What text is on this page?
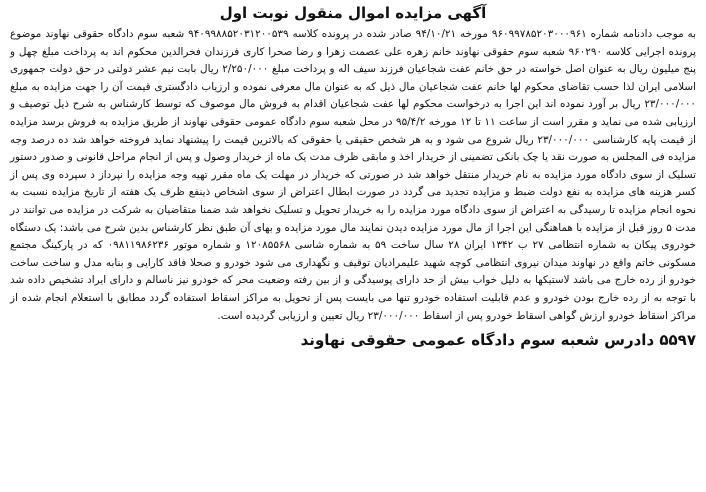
آگهی مزایده اموال منقول نوبت اول
به موجب دادنامه شماره ۹۶۰۹۹۷۸۵۲۰۳۰۰۰۹۶۱ مورخه ۹۴/۱۰/۲۱ صادر شده در پرونده کلاسه ۹۴۰۹۹۸۸۵۲۰۳۱۲۰۰۵۳۹ شعبه سوم دادگاه حقوقی نهاوند موضوع پرونده اجرایی کلاسه ۹۶۰۲۹۰ شعبه سوم حقوقی نهاوند خانم زهره علی عصمت زهرا و رضا صحرا کاری فرزندان فخرالدین محکوم اند به پرداخت مبلغ چهل و پنج میلیون ریال به عنوان اصل خواسته در حق خانم عفت شجاعیان فرزند سیف اله و پرداخت مبلغ ۲/۲۵۰/۰۰۰ ریال بابت نیم عشر دولتی در حق دولت جمهوری اسلامی ایران لذا حسب تقاضای محکوم لها خانم عفت شجاعیان مال ذیل که به عنوان مال معرفی نموده و ارزیاب دادگستری قیمت آن را جهت مزایده به مبلغ ۲۳/۰۰۰/۰۰۰ ریال بر آورد نموده اند این اجرا به درخواست محکوم لها عفت شجاعیان اقدام به فروش مال موصوف که توسط کارشناس به شرح ذیل توصیف و ارزیابی شده می نماید و مقرر است از ساعت ۱۱ تا ۱۲ مورخه ۹۵/۴/۲ در محل شعبه سوم دادگاه عمومی حقوقی نهاوند از طریق مزایده به فروش برسد مزایده از قیمت پایه کارشناسی ۲۳/۰۰۰/۰۰۰ ریال شروع می شود و به هر شخص حقیقی یا حقوقی که بالاترین قیمت را پیشنهاد نماید فروخته خواهد شد ده درصد وجه مزایده فی المجلس به صورت نقد یا چک بانکی تضمینی از خریدار اخذ و مابقی ظرف مدت یک ماه از خریدار وصول و پس از انجام مراحل قانونی و صدور دستور تسلیک از سوی دادگاه مورد مزایده به نام خریدار منتقل خواهد شد در صورتی که خریدار در مهلت یک ماه مقرر تهیه وجه مزایده را نپرداز د سپرده وی پس از کسر هزینه های مزایده به نفع دولت ضبط و مزایده تجدید می گردد در صورت ابطال اعتراض از سوی اشخاص ذینفع ظرف یک هفته از تاریخ مزایده نسبت به نحوه انجام مزایده تا رسیدگی به اعتراض از سوی دادگاه مورد مزایده را به خریدار تحویل و تسلیک نخواهد شد ضمنا متقاضیان به شرکت در مزایده می توانند در مدت ۵ روز قبل از مزایده با هماهنگی این اجرا از مال مورد مزایده دیدن نمایند مال مورد مزایده و بهای آن طبق نظر کارشناس بدین شرح می باشد: یک دستگاه خودروی پیکان به شماره انتظامی ۲۷ ب ۱۳۴۲ ایران ۲۸ سال ساخت ۵۹ به شماره شاسی ۱۲۰۸۵۵۶۸ و شماره موتور ۰۹۸۱۱۹۸۶۲۳۶ که در پارکینگ مجتمع مسکونی خاتم واقع در نهاوند میدان نیروی انتظامی کوچه شهید علیمرادیان توقیف و نگهداری می شود خودرو و صحلا فاقد کارایی و بنابه مدل و ساخت ساخت خودرو از رده خارج می باشد لاستیکها به دلیل خواب بیش از حد دارای پوسیدگی و از بین رفته وضعیت محر که خودرو نیز ناسالم و دارای ایراد تشخیص داده شد با توجه به از رده خارج بودن خودرو و عدم قابلیت استفاده خودرو تنها می بایست پس از تحویل به مراکز اسقاط استفاده گردد مطابق با استعلام انجام شده از مراکز اسقاط خودرو ارزش گواهی اسقاط خودرو پس از اسقاط ۲۳/۰۰۰/۰۰۰ ریال تعیین و ارزیابی گردیده است.
۵۵۹۷ دادرس شعبه سوم دادگاه عمومی حقوقی نهاوند
